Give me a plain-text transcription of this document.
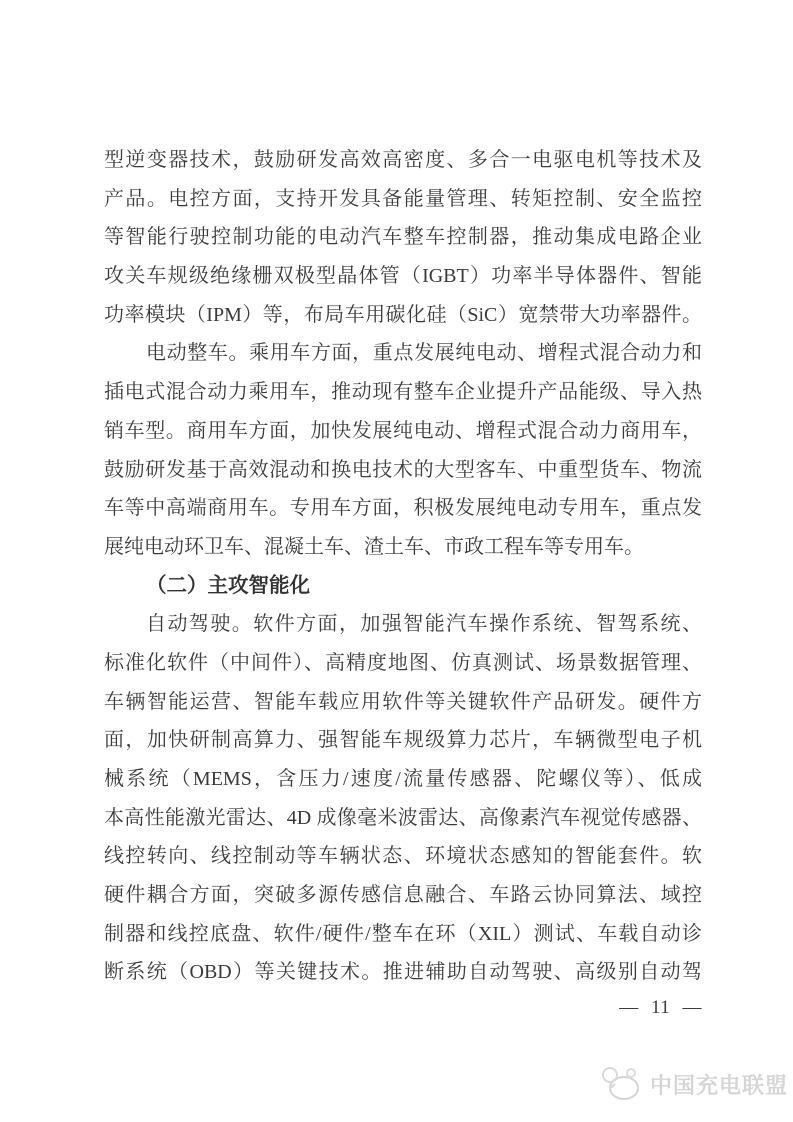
型逆变器技术，鼓励研发高效高密度、多合一电驱电机等技术及
产品。电控方面，支持开发具备能量管理、转矩控制、安全监控
等智能行驶控制功能的电动汽车整车控制器，推动集成电路企业
攻关车规级绝缘栅双极型晶体管（IGBT）功率半导体器件、智能
功率模块（IPM）等，布局车用碳化硅（SiC）宽禁带大功率器件。
电动整车。乘用车方面，重点发展纯电动、增程式混合动力和
插电式混合动力乘用车，推动现有整车企业提升产品能级、导入热
销车型。商用车方面，加快发展纯电动、增程式混合动力商用车，
鼓励研发基于高效混动和换电技术的大型客车、中重型货车、物流
车等中高端商用车。专用车方面，积极发展纯电动专用车，重点发
展纯电动环卫车、混凝土车、渣土车、市政工程车等专用车。
（二）主攻智能化
自动驾驶。软件方面，加强智能汽车操作系统、智驾系统、
标准化软件（中间件）、高精度地图、仿真测试、场景数据管理、
车辆智能运营、智能车载应用软件等关键软件产品研发。硬件方
面，加快研制高算力、强智能车规级算力芯片，车辆微型电子机
械系统（MEMS，含压力/速度/流量传感器、陀螺仪等）、低成
本高性能激光雷达、4D 成像毫米波雷达、高像素汽车视觉传感器、
线控转向、线控制动等车辆状态、环境状态感知的智能套件。软
硬件耦合方面，突破多源传感信息融合、车路云协同算法、域控
制器和线控底盘、软件/硬件/整车在环（XIL）测试、车载自动诊
断系统（OBD）等关键技术。推进辅助自动驾驶、高级别自动驾
— 11 —
中国充电联盟
